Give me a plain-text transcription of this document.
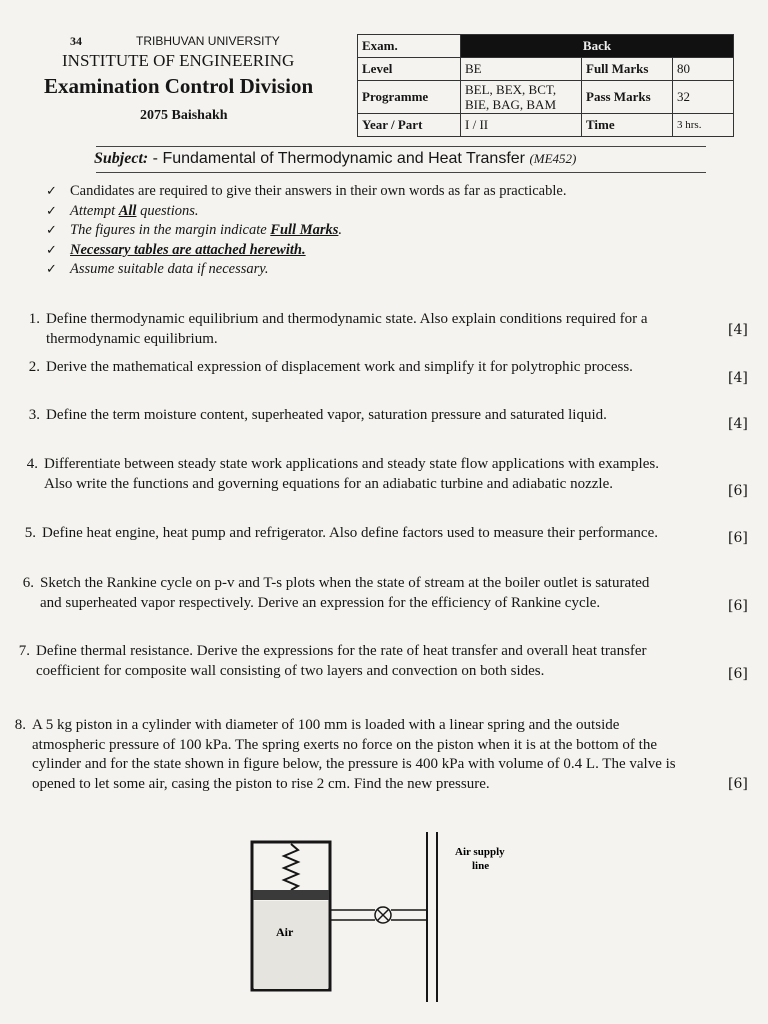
34	TRIBHUVAN UNIVERSITY
INSTITUTE OF ENGINEERING
Examination Control Division
2075 Baishakh
Exam.	Back		
Level	BE	Full Marks	80
Programme	BEL, BEX, BCT,
BIE, BAG, BAM	Pass Marks	32
Year / Part	I / II	Time	3 hrs.
Subject: - Fundamental of Thermodynamic and Heat Transfer (ME452)
✓ Candidates are required to give their answers in their own words as far as practicable.
✓ Attempt All questions.
✓ The figures in the margin indicate Full Marks.
✓ Necessary tables are attached herewith.
✓ Assume suitable data if necessary.
1. Define thermodynamic equilibrium and thermodynamic state. Also explain conditions required for a thermodynamic equilibrium.
[4]
2. Derive the mathematical expression of displacement work and simplify it for polytrophic process.
[4]
3. Define the term moisture content, superheated vapor, saturation pressure and saturated liquid.
[4]
4. Differentiate between steady state work applications and steady state flow applications with examples. Also write the functions and governing equations for an adiabatic turbine and adiabatic nozzle.	[6]
5. Define heat engine, heat pump and refrigerator. Also define factors used to measure their performance.	[6]
6. Sketch the Rankine cycle on p-v and T-s plots when the state of stream at the boiler outlet is saturated and superheated vapor respectively. Derive an expression for the efficiency of Rankine cycle.	[6]
7. Define thermal resistance. Derive the expressions for the rate of heat transfer and overall heat transfer coefficient for composite wall consisting of two layers and convection on both sides.	[6]
8. A 5 kg piston in a cylinder with diameter of 100 mm is loaded with a linear spring and the outside atmospheric pressure of 100 kPa. The spring exerts no force on the piston when it is at the bottom of the cylinder and for the state shown in figure below, the pressure is 400 kPa with volume of 0.4 L. The valve is opened to let some air, casing the piston to rise 2 cm. Find the new pressure.	[6]
Air
Air supply
line
